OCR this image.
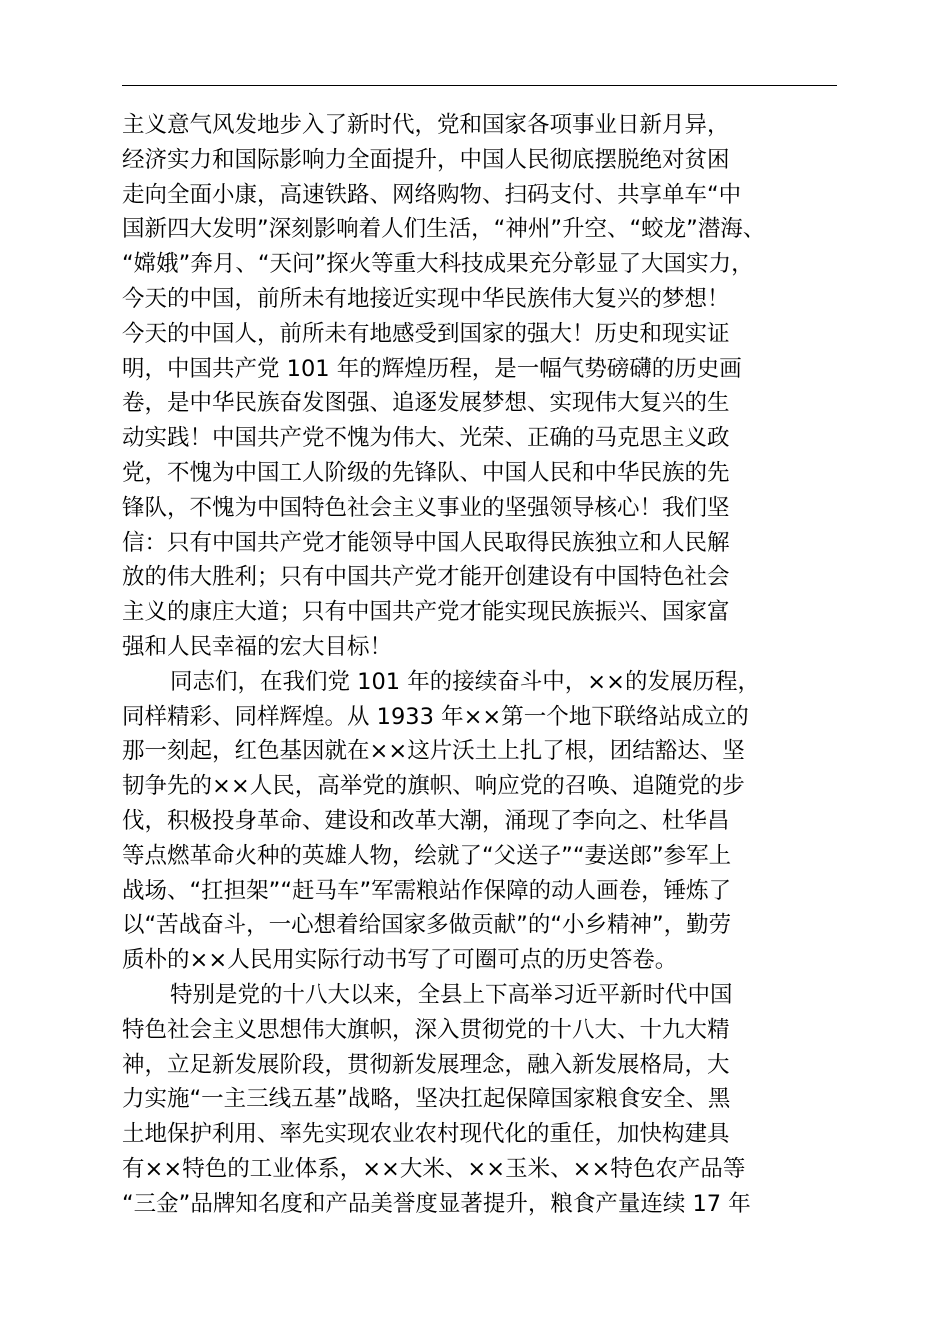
主义意气风发地步入了新时代，党和国家各项事业日新月异，
经济实力和国际影响力全面提升，中国人民彻底摆脱绝对贫困
走向全面小康，高速铁路、网络购物、扫码支付、共享单车“中
国新四大发明”深刻影响着人们生活，“神州”升空、“蛟龙”潜海、
“嫦娥”奔月、“天问”探火等重大科技成果充分彰显了大国实力，
今天的中国，前所未有地接近实现中华民族伟大复兴的梦想！
今天的中国人，前所未有地感受到国家的强大！历史和现实证
明，中国共产党 101 年的辉煌历程，是一幅气势磅礴的历史画
卷，是中华民族奋发图强、追逐发展梦想、实现伟大复兴的生
动实践！中国共产党不愧为伟大、光荣、正确的马克思主义政
党，不愧为中国工人阶级的先锋队、中国人民和中华民族的先
锋队，不愧为中国特色社会主义事业的坚强领导核心！我们坚
信：只有中国共产党才能领导中国人民取得民族独立和人民解
放的伟大胜利；只有中国共产党才能开创建设有中国特色社会
主义的康庄大道；只有中国共产党才能实现民族振兴、国家富
强和人民幸福的宏大目标！
同志们，在我们党 101 年的接续奋斗中，××的发展历程，
同样精彩、同样辉煌。从 1933 年××第一个地下联络站成立的
那一刻起，红色基因就在××这片沃土上扎了根，团结豁达、坚
韧争先的××人民，高举党的旗帜、响应党的召唤、追随党的步
伐，积极投身革命、建设和改革大潮，涌现了李向之、杜华昌
等点燃革命火种的英雄人物，绘就了“父送子”“妻送郎”参军上
战场、“扛担架”“赶马车”军需粮站作保障的动人画卷，锤炼了
以“苦战奋斗，一心想着给国家多做贡献”的“小乡精神”，勤劳
质朴的××人民用实际行动书写了可圈可点的历史答卷。
特别是党的十八大以来，全县上下高举习近平新时代中国
特色社会主义思想伟大旗帜，深入贯彻党的十八大、十九大精
神，立足新发展阶段，贯彻新发展理念，融入新发展格局，大
力实施“一主三线五基”战略，坚决扛起保障国家粮食安全、黑
土地保护利用、率先实现农业农村现代化的重任，加快构建具
有××特色的工业体系，××大米、××玉米、××特色农产品等
“三金”品牌知名度和产品美誉度显著提升，粮食产量连续 17 年
